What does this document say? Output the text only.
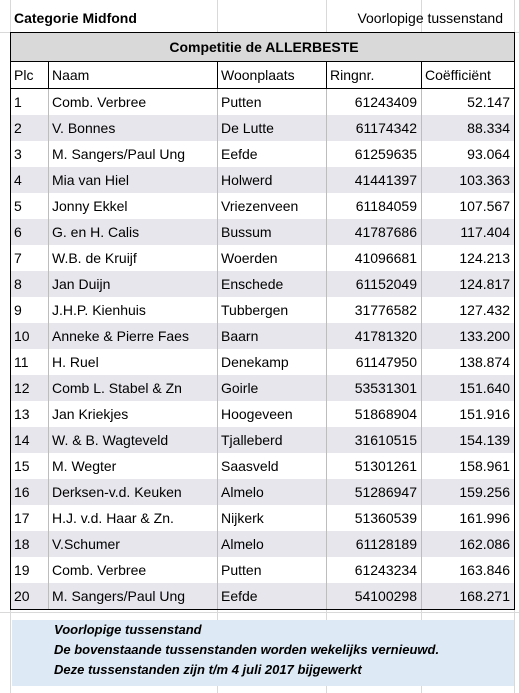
Categorie Midfond	Voorlopige tussenstand
Competitie de ALLERBESTE				
Plc	Naam	Woonplaats	Ringnr.	Coëfficiënt
1	Comb. Verbree	Putten	61243409	52.147
2	V. Bonnes	De Lutte	61174342	88.334
3	M. Sangers/Paul Ung	Eefde	61259635	93.064
4	Mia van Hiel	Holwerd	41441397	103.363
5	Jonny Ekkel	Vriezenveen	61184059	107.567
6	G. en H. Calis	Bussum	41787686	117.404
7	W.B. de Kruijf	Woerden	41096681	124.213
8	Jan Duijn	Enschede	61152049	124.817
9	J.H.P. Kienhuis	Tubbergen	31776582	127.432
10	Anneke & Pierre Faes	Baarn	41781320	133.200
11	H. Ruel	Denekamp	61147950	138.874
12	Comb L. Stabel & Zn	Goirle	53531301	151.640
13	Jan Kriekjes	Hoogeveen	51868904	151.916
14	W. & B. Wagteveld	Tjalleberd	31610515	154.139
15	M. Wegter	Saasveld	51301261	158.961
16	Derksen-v.d. Keuken	Almelo	51286947	159.256
17	H.J. v.d. Haar & Zn.	Nijkerk	51360539	161.996
18	V.Schumer	Almelo	61128189	162.086
19	Comb. Verbree	Putten	61243234	163.846
20	M. Sangers/Paul Ung	Eefde	54100298	168.271
Voorlopige tussenstand
De bovenstaande tussenstanden worden wekelijks vernieuwd.
Deze tussenstanden zijn t/m 4 juli 2017 bijgewerkt
